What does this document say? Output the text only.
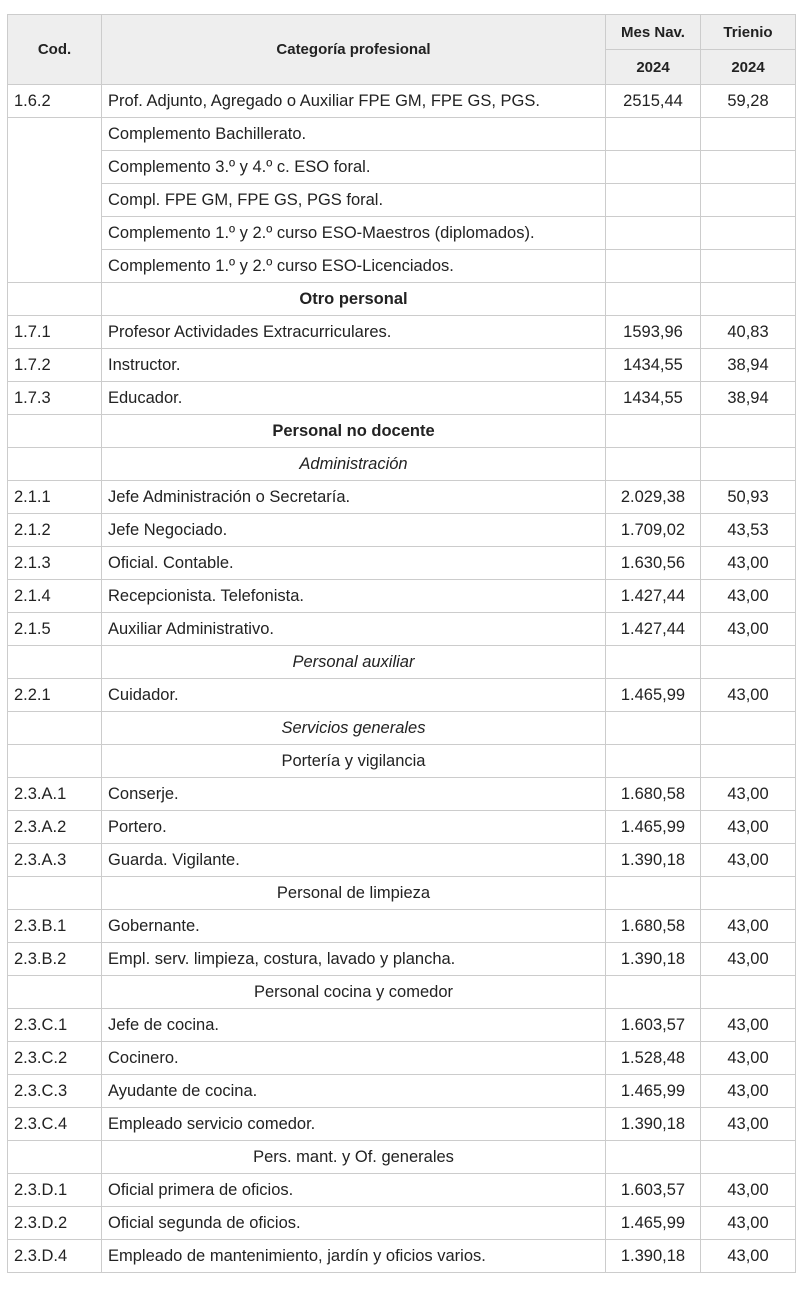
Cod.	Categoría profesional	Mes Nav.	Trienio
		2024	2024
1.6.2	Prof. Adjunto, Agregado o Auxiliar FPE GM, FPE GS, PGS.	2515,44	59,28
	Complemento Bachillerato.		
	Complemento 3.º y 4.º c. ESO foral.		
	Compl. FPE GM, FPE GS, PGS foral.		
	Complemento 1.º y 2.º curso ESO-Maestros (diplomados).		
	Complemento 1.º y 2.º curso ESO-Licenciados.		
	Otro personal		
1.7.1	Profesor Actividades Extracurriculares.	1593,96	40,83
1.7.2	Instructor.	1434,55	38,94
1.7.3	Educador.	1434,55	38,94
	Personal no docente		
	Administración		
2.1.1	Jefe Administración o Secretaría.	2.029,38	50,93
2.1.2	Jefe Negociado.	1.709,02	43,53
2.1.3	Oficial. Contable.	1.630,56	43,00
2.1.4	Recepcionista. Telefonista.	1.427,44	43,00
2.1.5	Auxiliar Administrativo.	1.427,44	43,00
	Personal auxiliar		
2.2.1	Cuidador.	1.465,99	43,00
	Servicios generales		
	Portería y vigilancia		
2.3.A.1	Conserje.	1.680,58	43,00
2.3.A.2	Portero.	1.465,99	43,00
2.3.A.3	Guarda. Vigilante.	1.390,18	43,00
	Personal de limpieza		
2.3.B.1	Gobernante.	1.680,58	43,00
2.3.B.2	Empl. serv. limpieza, costura, lavado y plancha.	1.390,18	43,00
	Personal cocina y comedor		
2.3.C.1	Jefe de cocina.	1.603,57	43,00
2.3.C.2	Cocinero.	1.528,48	43,00
2.3.C.3	Ayudante de cocina.	1.465,99	43,00
2.3.C.4	Empleado servicio comedor.	1.390,18	43,00
	Pers. mant. y Of. generales		
2.3.D.1	Oficial primera de oficios.	1.603,57	43,00
2.3.D.2	Oficial segunda de oficios.	1.465,99	43,00
2.3.D.4	Empleado de mantenimiento, jardín y oficios varios.	1.390,18	43,00
